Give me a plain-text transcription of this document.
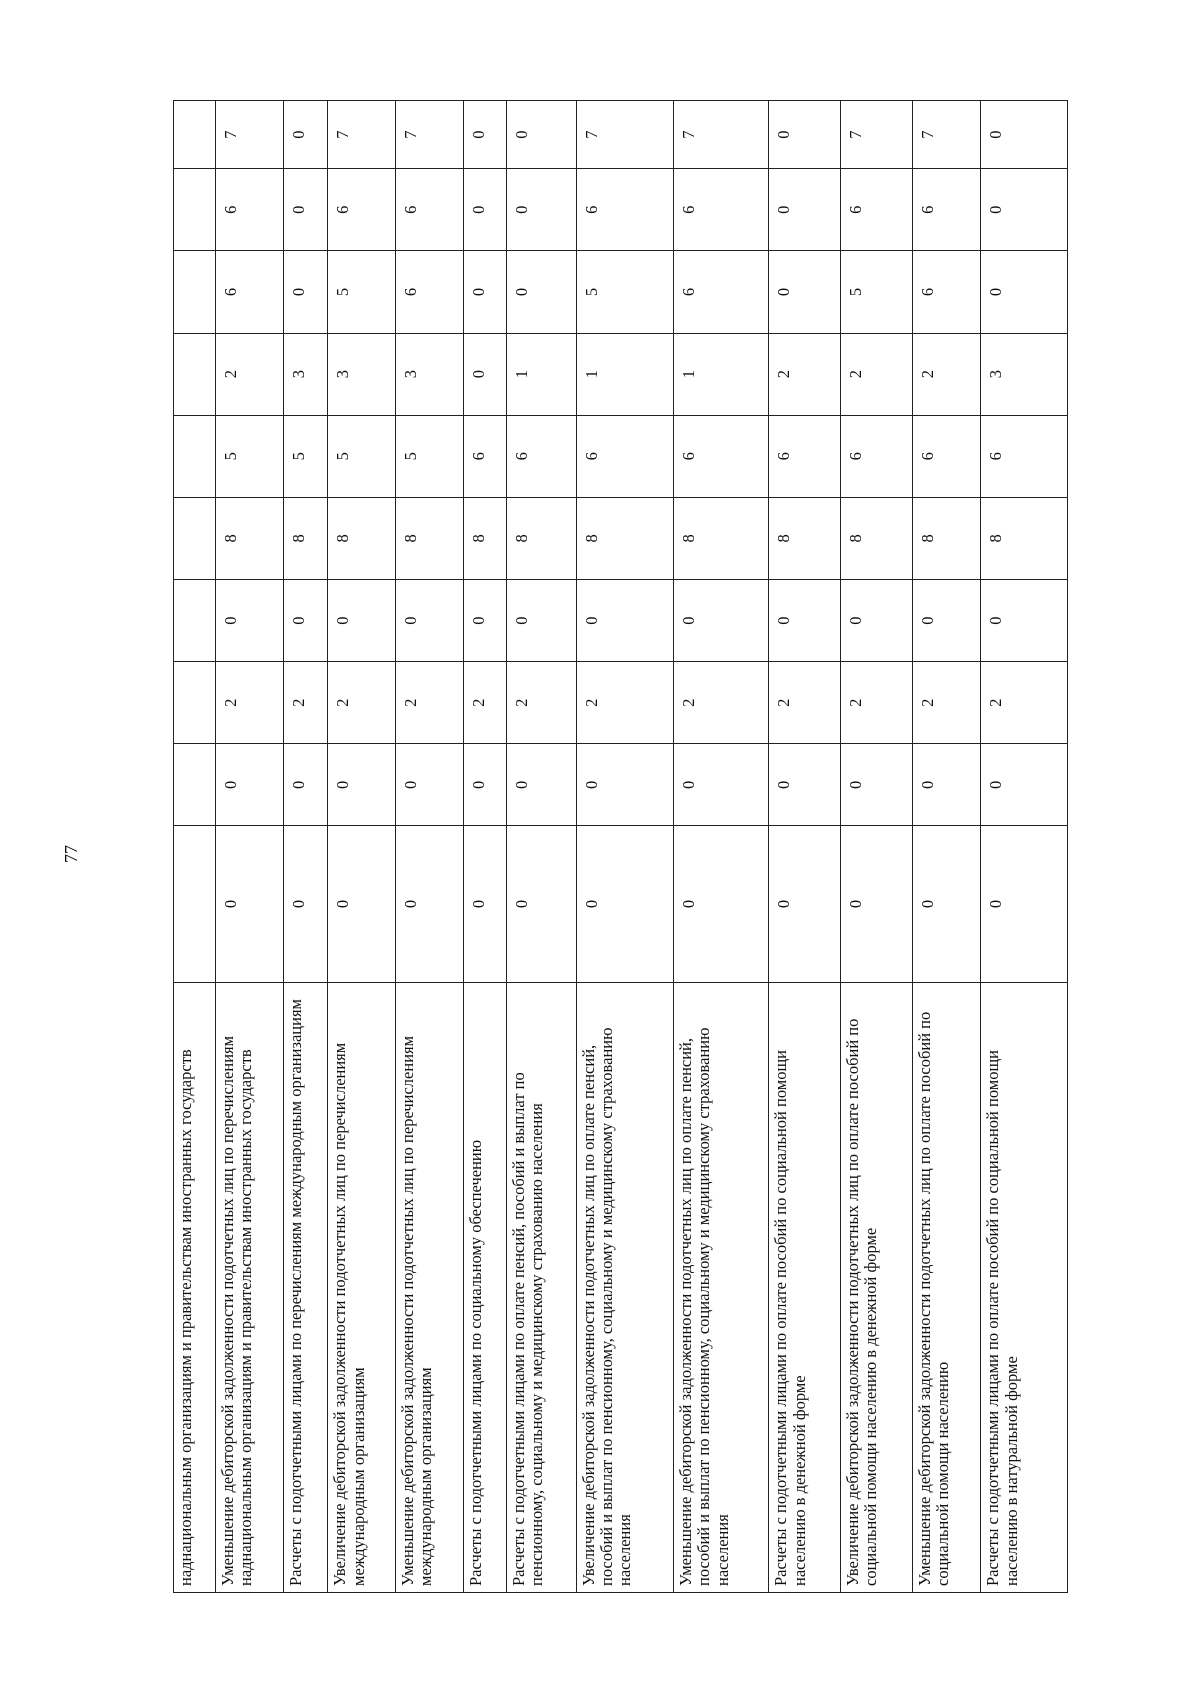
77
наднациональным организациям и правительствам иностранных государств										
Уменьшение дебиторской задолженности подотчетных лиц по перечислениям наднациональным организациям и правительствам иностранных государств	0	0	2	0	8	5	2	6	6	7
Расчеты с подотчетными лицами по перечислениям международным организациям	0	0	2	0	8	5	3	0	0	0
Увеличение дебиторской задолженности подотчетных лиц по перечислениям международным организациям	0	0	2	0	8	5	3	5	6	7
Уменьшение дебиторской задолженности подотчетных лиц по перечислениям международным организациям	0	0	2	0	8	5	3	6	6	7
Расчеты с подотчетными лицами по социальному обеспечению	0	0	2	0	8	6	0	0	0	0
Расчеты с подотчетными лицами по оплате пенсий, пособий и выплат по пенсионному, социальному и медицинскому страхованию населения	0	0	2	0	8	6	1	0	0	0
Увеличение дебиторской задолженности подотчетных лиц по оплате пенсий, пособий и выплат по пенсионному, социальному и медицинскому страхованию населения	0	0	2	0	8	6	1	5	6	7
Уменьшение дебиторской задолженности подотчетных лиц по оплате пенсий, пособий и выплат по пенсионному, социальному и медицинскому страхованию населения	0	0	2	0	8	6	1	6	6	7
Расчеты с подотчетными лицами по оплате пособий по социальной помощи населению в денежной форме	0	0	2	0	8	6	2	0	0	0
Увеличение дебиторской задолженности подотчетных лиц по оплате пособий по социальной помощи населению в денежной форме	0	0	2	0	8	6	2	5	6	7
Уменьшение дебиторской задолженности подотчетных лиц по оплате пособий по социальной помощи населению	0	0	2	0	8	6	2	6	6	7
Расчеты с подотчетными лицами по оплате пособий по социальной помощи населению в натуральной форме	0	0	2	0	8	6	3	0	0	0
